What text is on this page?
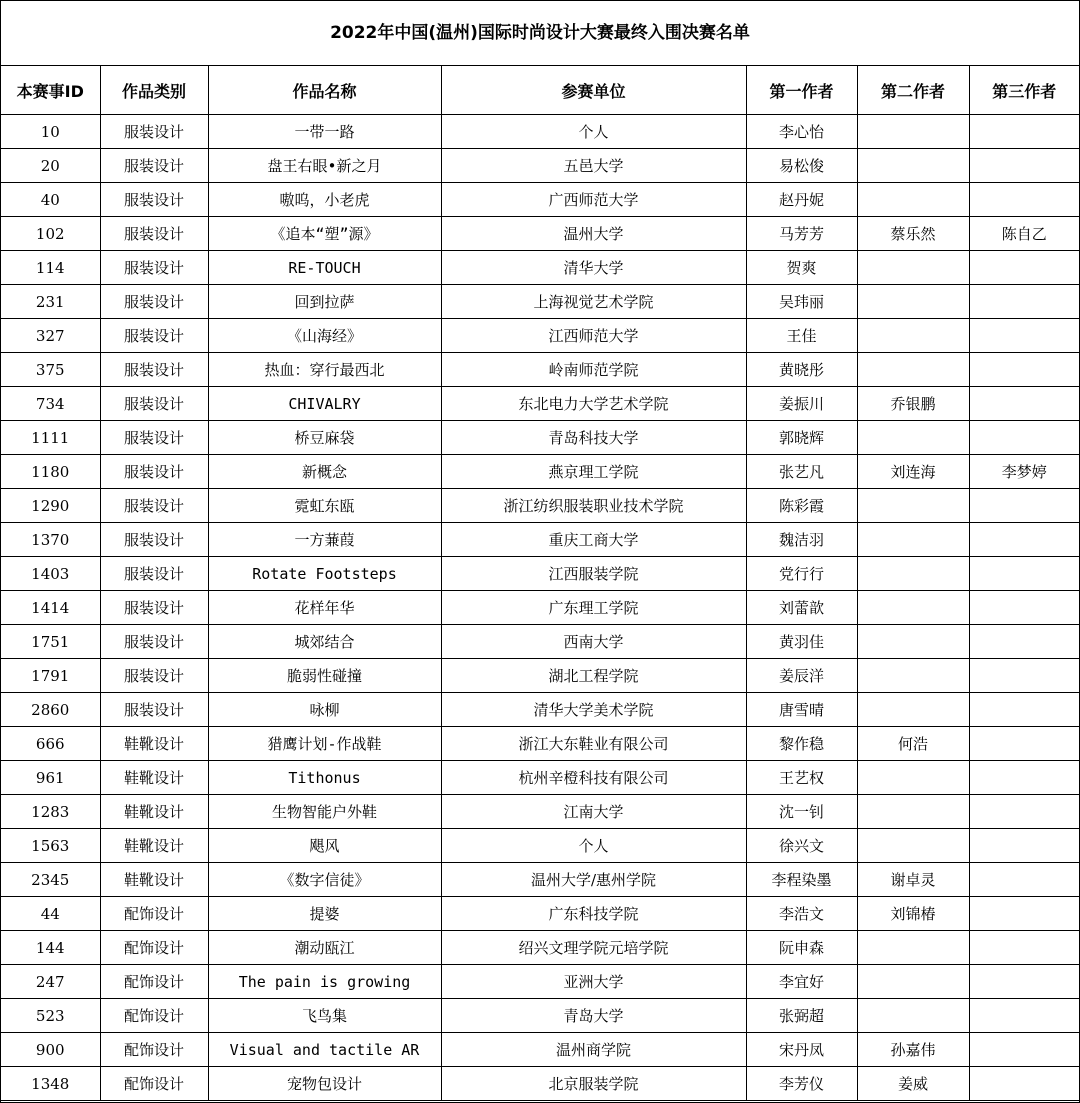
2022年中国(温州)国际时尚设计大赛最终入围决赛名单
本赛事ID	作品类别	作品名称	参赛单位	第一作者	第二作者	第三作者
10	服装设计	一带一路	个人	李心怡		
20	服装设计	盘王右眼•新之月	五邑大学	易松俊		
40	服装设计	嗷呜，小老虎	广西师范大学	赵丹妮		
102	服装设计	《追本“塑”源》	温州大学	马芳芳	蔡乐然	陈自乙
114	服装设计	RE-TOUCH	清华大学	贺爽		
231	服装设计	回到拉萨	上海视觉艺术学院	吴玮丽		
327	服装设计	《山海经》	江西师范大学	王佳		
375	服装设计	热血：穿行最西北	岭南师范学院	黄晓彤		
734	服装设计	CHIVALRY	东北电力大学艺术学院	姜振川	乔银鹏	
1111	服装设计	桥豆麻袋	青岛科技大学	郭晓辉		
1180	服装设计	新概念	燕京理工学院	张艺凡	刘连海	李梦婷
1290	服装设计	霓虹东瓯	浙江纺织服装职业技术学院	陈彩霞		
1370	服装设计	一方蒹葭	重庆工商大学	魏洁羽		
1403	服装设计	Rotate Footsteps	江西服装学院	党行行		
1414	服装设计	花样年华	广东理工学院	刘蕾歆		
1751	服装设计	城郊结合	西南大学	黄羽佳		
1791	服装设计	脆弱性碰撞	湖北工程学院	姜辰洋		
2860	服装设计	咏柳	清华大学美术学院	唐雪晴		
666	鞋靴设计	猎鹰计划-作战鞋	浙江大东鞋业有限公司	黎作稳	何浩	
961	鞋靴设计	Tithonus	杭州辛橙科技有限公司	王艺权		
1283	鞋靴设计	生物智能户外鞋	江南大学	沈一钊		
1563	鞋靴设计	飓风	个人	徐兴文		
2345	鞋靴设计	《数字信徒》	温州大学/惠州学院	李程染墨	谢卓灵	
44	配饰设计	提婆	广东科技学院	李浩文	刘锦椿	
144	配饰设计	潮动瓯江	绍兴文理学院元培学院	阮申森		
247	配饰设计	The pain is growing	亚洲大学	李宜好		
523	配饰设计	飞鸟集	青岛大学	张弼超		
900	配饰设计	Visual and tactile AR	温州商学院	宋丹凤	孙嘉伟	
1348	配饰设计	宠物包设计	北京服装学院	李芳仪	姜威	
